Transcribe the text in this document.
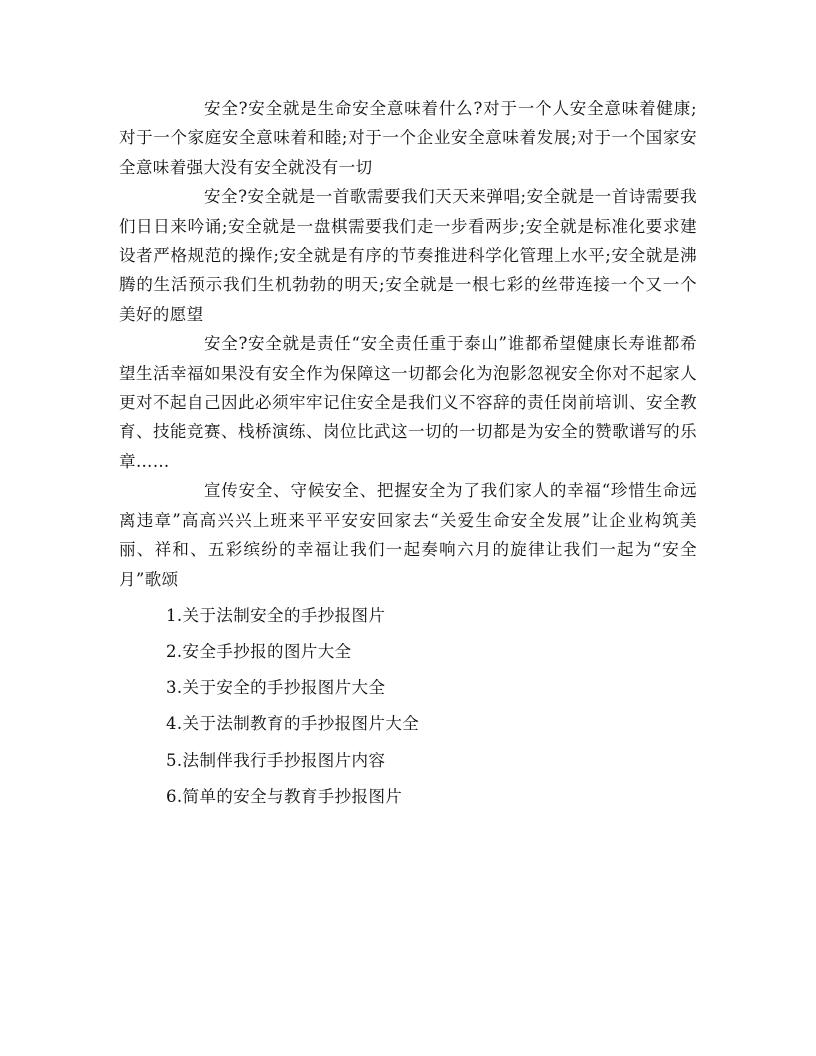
安全?安全就是生命安全意味着什么?对于一个人安全意味着健康;对于一个家庭安全意味着和睦;对于一个企业安全意味着发展;对于一个国家安全意味着强大没有安全就没有一切

安全?安全就是一首歌需要我们天天来弹唱;安全就是一首诗需要我们日日来吟诵;安全就是一盘棋需要我们走一步看两步;安全就是标准化要求建设者严格规范的操作;安全就是有序的节奏推进科学化管理上水平;安全就是沸腾的生活预示我们生机勃勃的明天;安全就是一根七彩的丝带连接一个又一个美好的愿望

安全?安全就是责任“安全责任重于泰山”谁都希望健康长寿谁都希望生活幸福如果没有安全作为保障这一切都会化为泡影忽视安全你对不起家人更对不起自己因此必须牢牢记住安全是我们义不容辞的责任岗前培训、安全教育、技能竞赛、栈桥演练、岗位比武这一切的一切都是为安全的赞歌谱写的乐章……

宣传安全、守候安全、把握安全为了我们家人的幸福“珍惜生命远离违章”高高兴兴上班来平平安安回家去“关爱生命安全发展”让企业构筑美丽、祥和、五彩缤纷的幸福让我们一起奏响六月的旋律让我们一起为“安全月”歌颂

1.关于法制安全的手抄报图片
2.安全手抄报的图片大全
3.关于安全的手抄报图片大全
4.关于法制教育的手抄报图片大全
5.法制伴我行手抄报图片内容
6.简单的安全与教育手抄报图片
